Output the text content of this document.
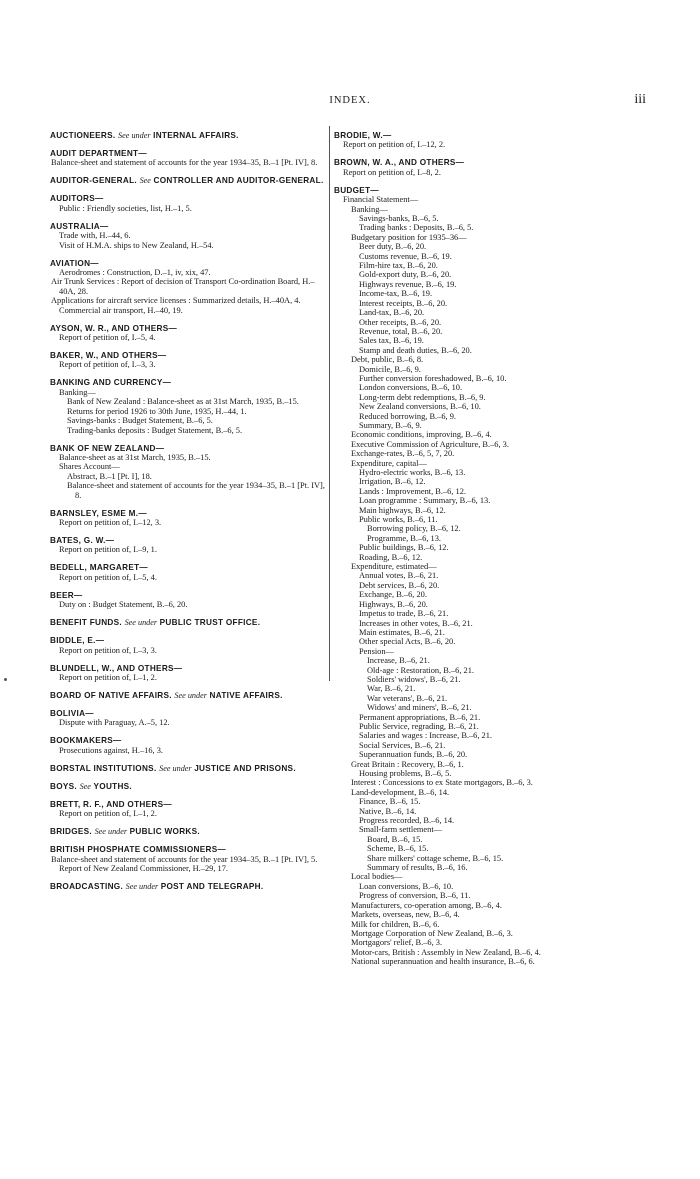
INDEX.	iii
AUCTIONEERS. See under INTERNAL AFFAIRS.
AUDIT DEPARTMENT—
Balance-sheet and statement of accounts for the year 1934–35, B.–1 [Pt. IV], 8.
AUDITOR-GENERAL. See CONTROLLER AND AUDITOR-GENERAL.
AUDITORS—
Public : Friendly societies, list, H.–1, 5.
AUSTRALIA—
Trade with, H.–44, 6.
Visit of H.M.A. ships to New Zealand, H.–54.
AVIATION—
Aerodromes : Construction, D.–1, iv, xix, 47.
Air Trunk Services : Report of decision of Transport Co-ordination Board, H.–40A, 28.
Applications for aircraft service licenses : Summarized details, H.–40A, 4.
Commercial air transport, H.–40, 19.
AYSON, W. R., AND OTHERS—
Report of petition of, I.–5, 4.
BAKER, W., AND OTHERS—
Report of petition of, I.–3, 3.
BANKING AND CURRENCY—
Banking—
Bank of New Zealand : Balance-sheet as at 31st March, 1935, B.–15.
Returns for period 1926 to 30th June, 1935, H.–44, 1.
Savings-banks : Budget Statement, B.–6, 5.
Trading-banks deposits : Budget Statement, B.–6, 5.
BANK OF NEW ZEALAND—
Balance-sheet as at 31st March, 1935, B.–15.
Shares Account—
Abstract, B.–1 [Pt. I], 18.
Balance-sheet and statement of accounts for the year 1934–35, B.–1 [Pt. IV], 8.
BARNSLEY, ESME M.—
Report on petition of, I.–12, 3.
BATES, G. W.—
Report on petition of, I.–9, 1.
BEDELL, MARGARET—
Report on petition of, I.–5, 4.
BEER—
Duty on : Budget Statement, B.–6, 20.
BENEFIT FUNDS. See under PUBLIC TRUST OFFICE.
BIDDLE, E.—
Report on petition of, I.–3, 3.
BLUNDELL, W., AND OTHERS—
Report on petition of, I.–1, 2.
BOARD OF NATIVE AFFAIRS. See under NATIVE AFFAIRS.
BOLIVIA—
Dispute with Paraguay, A.–5, 12.
BOOKMAKERS—
Prosecutions against, H.–16, 3.
BORSTAL INSTITUTIONS. See under JUSTICE AND PRISONS.
BOYS. See YOUTHS.
BRETT, R. F., AND OTHERS—
Report on petition of, I.–1, 2.
BRIDGES. See under PUBLIC WORKS.
BRITISH PHOSPHATE COMMISSIONERS—
Balance-sheet and statement of accounts for the year 1934–35, B.–1 [Pt. IV], 5.
Report of New Zealand Commissioner, H.–29, 17.
BROADCASTING. See under POST AND TELEGRAPH.
BRODIE, W.—
Report on petition of, I.–12, 2.
BROWN, W. A., AND OTHERS—
Report on petition of, I.–8, 2.
BUDGET—
Financial Statement—
Banking—
Savings-banks, B.–6, 5.
Trading banks : Deposits, B.–6, 5.
Budgetary position for 1935–36—
Beer duty, B.–6, 20.
Customs revenue, B.–6, 19.
Film-hire tax, B.–6, 20.
Gold-export duty, B.–6, 20.
Highways revenue, B.–6, 19.
Income-tax, B.–6, 19.
Interest receipts, B.–6, 20.
Land-tax, B.–6, 20.
Other receipts, B.–6, 20.
Revenue, total, B.–6, 20.
Sales tax, B.–6, 19.
Stamp and death duties, B.–6, 20.
Debt, public, B.–6, 8.
Domicile, B.–6, 9.
Further conversion foreshadowed, B.–6, 10.
London conversions, B.–6, 10.
Long-term debt redemptions, B.–6, 9.
New Zealand conversions, B.–6, 10.
Reduced borrowing, B.–6, 9.
Summary, B.–6, 9.
Economic conditions, improving, B.–6, 4.
Executive Commission of Agriculture, B.–6, 3.
Exchange-rates, B.–6, 5, 7, 20.
Expenditure, capital—
Hydro-electric works, B.–6, 13.
Irrigation, B.–6, 12.
Lands : Improvement, B.–6, 12.
Loan programme : Summary, B.–6, 13.
Main highways, B.–6, 12.
Public works, B.–6, 11.
Borrowing policy, B.–6, 12.
Programme, B.–6, 13.
Public buildings, B.–6, 12.
Roading, B.–6, 12.
Expenditure, estimated—
Annual votes, B.–6, 21.
Debt services, B.–6, 20.
Exchange, B.–6, 20.
Highways, B.–6, 20.
Impetus to trade, B.–6, 21.
Increases in other votes, B.–6, 21.
Main estimates, B.–6, 21.
Other special Acts, B.–6, 20.
Pension—
Increase, B.–6, 21.
Old-age : Restoration, B.–6, 21.
Soldiers' widows', B.–6, 21.
War, B.–6, 21.
War veterans', B.–6, 21.
Widows' and miners', B.–6, 21.
Permanent appropriations, B.–6, 21.
Public Service, regrading, B.–6, 21.
Salaries and wages : Increase, B.–6, 21.
Social Services, B.–6, 21.
Superannuation funds, B.–6, 20.
Great Britain : Recovery, B.–6, 1.
Housing problems, B.–6, 5.
Interest : Concessions to ex State mortgagors, B.–6, 3.
Land-development, B.–6, 14.
Finance, B.–6, 15.
Native, B.–6, 14.
Progress recorded, B.–6, 14.
Small-farm settlement—
Board, B.–6, 15.
Scheme, B.–6, 15.
Share milkers' cottage scheme, B.–6, 15.
Summary of results, B.–6, 16.
Local bodies—
Loan conversions, B.–6, 10.
Progress of conversion, B.–6, 11.
Manufacturers, co-operation among, B.–6, 4.
Markets, overseas, new, B.–6, 4.
Milk for children, B.–6, 6.
Mortgage Corporation of New Zealand, B.–6, 3.
Mortgagors' relief, B.–6, 3.
Motor-cars, British : Assembly in New Zealand, B.–6, 4.
National superannuation and health insurance, B.–6, 6.
